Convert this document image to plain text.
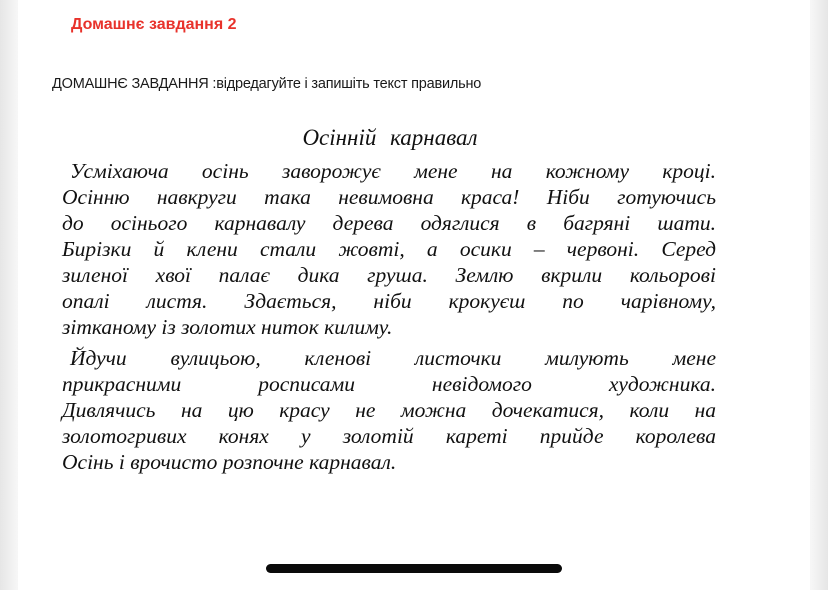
Домашнє завдання 2
ДОМАШНЄ ЗАВДАННЯ :відредагуйте і запишіть текст правильно
Осінній карнавал
Усміхаюча осінь заворожує мене на кожному кроці.
Осінню навкруги така невимовна краса! Ніби готуючись
до осінього карнавалу дерева одяглися в багряні шати.
Бирізки й клени стали жовті, а осики – червоні. Серед
зиленої хвої палає дика груша. Землю вкрили кольорові
опалі листя. Здається, ніби крокуєш по чарівному,
зітканому із золотих ниток килиму.
Йдучи вулицьою, кленові листочки милують мене
прикрасними росписами невідомого художника.
Дивлячись на цю красу не можна дочекатися, коли на
золотогривих конях у золотій кареті прийде королева
Осінь і врочисто розпочне карнавал.
